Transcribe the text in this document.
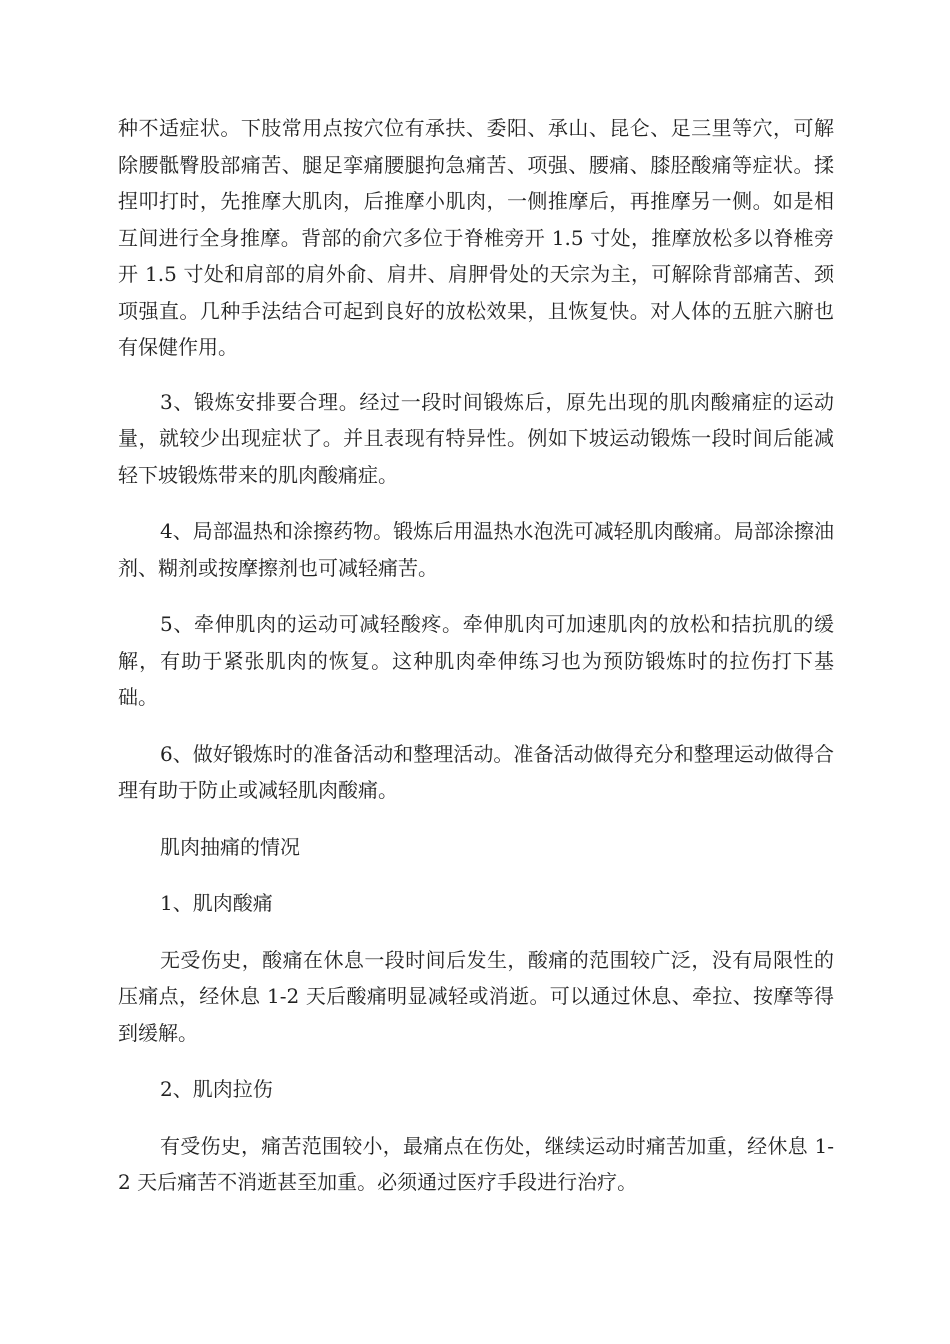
种不适症状。下肢常用点按穴位有承扶、委阳、承山、昆仑、足三里等穴，可解除腰骶臀股部痛苦、腿足挛痛腰腿拘急痛苦、项强、腰痛、膝胫酸痛等症状。揉捏叩打时，先推摩大肌肉，后推摩小肌肉，一侧推摩后，再推摩另一侧。如是相互间进行全身推摩。背部的俞穴多位于脊椎旁开 1.5 寸处，推摩放松多以脊椎旁开 1.5 寸处和肩部的肩外俞、肩井、肩胛骨处的天宗为主，可解除背部痛苦、颈项强直。几种手法结合可起到良好的放松效果，且恢复快。对人体的五脏六腑也有保健作用。

3、锻炼安排要合理。经过一段时间锻炼后，原先出现的肌肉酸痛症的运动量，就较少出现症状了。并且表现有特异性。例如下坡运动锻炼一段时间后能减轻下坡锻炼带来的肌肉酸痛症。

4、局部温热和涂擦药物。锻炼后用温热水泡洗可减轻肌肉酸痛。局部涂擦油剂、糊剂或按摩擦剂也可减轻痛苦。

5、牵伸肌肉的运动可减轻酸疼。牵伸肌肉可加速肌肉的放松和拮抗肌的缓解，有助于紧张肌肉的恢复。这种肌肉牵伸练习也为预防锻炼时的拉伤打下基础。

6、做好锻炼时的准备活动和整理活动。准备活动做得充分和整理运动做得合理有助于防止或减轻肌肉酸痛。

肌肉抽痛的情况

1、肌肉酸痛

无受伤史，酸痛在休息一段时间后发生，酸痛的范围较广泛，没有局限性的压痛点，经休息 1-2 天后酸痛明显减轻或消逝。可以通过休息、牵拉、按摩等得到缓解。

2、肌肉拉伤

有受伤史，痛苦范围较小，最痛点在伤处，继续运动时痛苦加重，经休息 1-2 天后痛苦不消逝甚至加重。必须通过医疗手段进行治疗。
